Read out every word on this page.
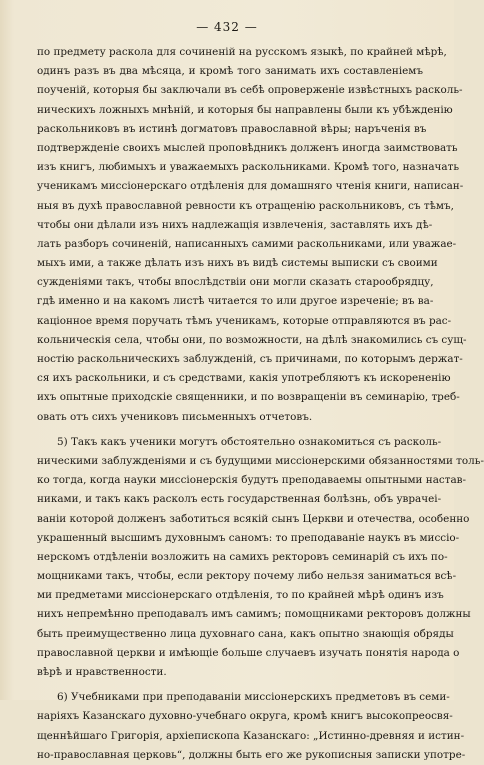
— 432 —
по предмету раскола для сочиненій на русскомъ языкѣ, по крайней мѣрѣ,
одинъ разъ въ два мѣсяца, и кромѣ того занимать ихъ составленіемъ
поученій, которыя бы заключали въ себѣ опроверженіе извѣстныхъ расколь-
ническихъ ложныхъ мнѣній, и которыя бы направлены были къ убѣжденію
раскольниковъ въ истинѣ догматовъ православной вѣры; наръченія въ
подтвержденіе своихъ мыслей проповѣдникъ долженъ иногда заимствовать
изъ книгъ, любимыхъ и уважаемыхъ раскольниками. Кромѣ того, назначать
ученикамъ миссіонерскаго отдѣленія для домашняго чтенія книги, написан-
ныя въ духѣ православной ревности къ отращенію раскольниковъ, съ тѣмъ,
чтобы они дѣлали изъ нихъ надлежащія извлеченія, заставлять ихъ дѣ-
лать разборъ сочиненій, написанныхъ самими раскольниками, или уважае-
мыхъ ими, а также дѣлать изъ нихъ въ видѣ системы выписки съ своими
сужденіями такъ, чтобы впослѣдствіи они могли сказать старообрядцу,
гдѣ именно и на какомъ листѣ читается то или другое изреченіе; въ ва-
каціонное время поручать тѣмъ ученикамъ, которые отправляются въ рас-
кольническія села, чтобы они, по возможности, на дѣлѣ знакомились съ сущ-
ностію раскольническихъ заблужденій, съ причинами, по которымъ держат-
ся ихъ раскольники, и съ средствами, какія употребляютъ къ искорененію
ихъ опытные приходскіе священники, и по возвращеніи въ семинарію, треб-
овать отъ сихъ учениковъ письменныхъ отчетовъ.
5) Такъ какъ ученики могутъ обстоятельно ознакомиться съ расколь-
ническими заблужденіями и съ будущими миссіонерскими обязанностями толь-
ко тогда, когда науки миссіонерскія будутъ преподаваемы опытными настав-
никами, и такъ какъ расколъ есть государственная болѣзнь, объ уврачеі-
ваніи которой долженъ заботиться всякій сынъ Церкви и отечества, особенно
украшенный высшимъ духовнымъ саномъ: то преподаваніе наукъ въ миссіо-
нерскомъ отдѣленіи возложить на самихъ ректоровъ семинарій съ ихъ по-
мощниками такъ, чтобы, если ректору почему либо нельзя заниматься всѣ-
ми предметами миссіонерскаго отдѣленія, то по крайней мѣрѣ одинъ изъ
нихъ непремѣнно преподавалъ имъ самимъ; помощниками ректоровъ должны
быть преимущественно лица духовнаго сана, какъ опытно знающія обряды
православной церкви и имѣющіе больше случаевъ изучать понятія народа о
вѣрѣ и нравственности.
6) Учебниками при преподаваніи миссіонерскихъ предметовъ въ семи-
наріяхъ Казанскаго духовно-учебнаго округа, кромѣ книгъ высокопреосвя-
щеннѣйшаго Григорія, архіепископа Казанскаго: „Истинно-древняя и истин-
но-православная церковь“, должны быть его же рукописныя записки употре-
